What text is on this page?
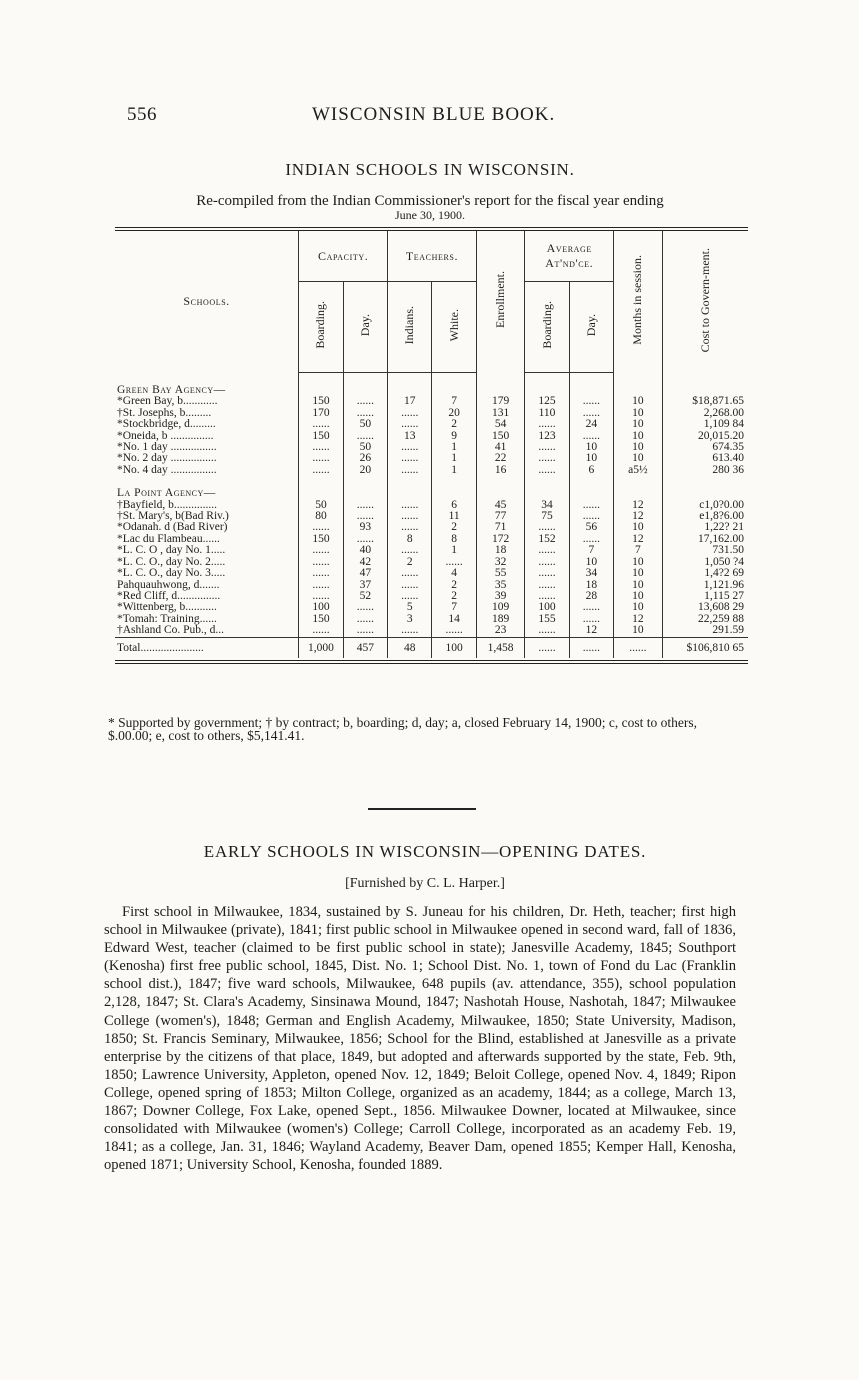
556	WISCONSIN BLUE BOOK.
INDIAN SCHOOLS IN WISCONSIN.
Re-compiled from the Indian Commissioner's report for the fiscal year ending
June 30, 1900.
Schools.	Capacity.		Teachers.		Enrollment.	Average At'nd'ce.		Months in session.	Cost to Govern-ment.
	Boarding.	Day.	Indians.	White.		Boarding.	Day.		

Green Bay Agency—									
*Green Bay, b............	150	......	17	7	179	125	......	10	$18,871.65
†St. Josephs, b.........	170	......	......	20	131	110	......	10	2,268.00
*Stockbridge, d.........	......	50	......	2	54	......	24	10	1,109 84
*Oneida, b ...............	150	......	13	9	150	123	......	10	20,015.20
*No. 1 day ................	......	50	......	1	41	......	10	10	674.35
*No. 2 day ................	......	26	......	1	22	......	10	10	613.40
*No. 4 day ................	......	20	......	1	16	......	6	a5½	280 36

La Point Agency—									
†Bayfield, b...............	50	......	......	6	45	34	......	12	c1,0?0.00
†St. Mary's, b(Bad Riv.)	80	......	......	11	77	75	......	12	e1,8?6.00
*Odanah. d (Bad River)	......	93	......	2	71	......	56	10	1,22? 21
*Lac du Flambeau......	150	......	8	8	172	152	......	12	17,162.00
*L. C. O , day No. 1.....	......	40	......	1	18	......	7	7	731.50
*L. C. O., day No. 2.....	......	42	2	......	32	......	10	10	1,050 ?4
*L. C. O., day No. 3.....	......	47	......	4	55	......	34	10	1,4?2 69
Pahquauhwong, d.......	......	37	......	2	35	......	18	10	1,121.96
*Red Cliff, d...............	......	52	......	2	39	......	28	10	1,115 27
*Wittenberg, b...........	100	......	5	7	109	100	......	10	13,608 29
*Tomah: Training......	150	......	3	14	189	155	......	12	22,259 88
†Ashland Co. Pub., d...	......	......	......	......	23	......	12	10	291.59
Total......................	1,000	457	48	100	1,458	......	......	......	$106,810 65
* Supported by government; † by contract; b, boarding; d, day; a, closed February 14, 1900; c, cost to others, $.00.00; e, cost to others, $5,141.41.
EARLY SCHOOLS IN WISCONSIN—OPENING DATES.
[Furnished by C. L. Harper.]
First school in Milwaukee, 1834, sustained by S. Juneau for his children, Dr. Heth, teacher; first high school in Milwaukee (private), 1841; first public school in Milwaukee opened in second ward, fall of 1836, Edward West, teacher (claimed to be first public school in state); Janesville Academy, 1845; Southport (Kenosha) first free public school, 1845, Dist. No. 1; School Dist. No. 1, town of Fond du Lac (Franklin school dist.), 1847; five ward schools, Milwaukee, 648 pupils (av. attendance, 355), school population 2,128, 1847; St. Clara's Academy, Sinsinawa Mound, 1847; Nashotah House, Nashotah, 1847; Milwaukee College (women's), 1848; German and English Academy, Milwaukee, 1850; State University, Madison, 1850; St. Francis Seminary, Milwaukee, 1856; School for the Blind, established at Janesville as a private enterprise by the citizens of that place, 1849, but adopted and afterwards supported by the state, Feb. 9th, 1850; Lawrence University, Appleton, opened Nov. 12, 1849; Beloit College, opened Nov. 4, 1849; Ripon College, opened spring of 1853; Milton College, organized as an academy, 1844; as a college, March 13, 1867; Downer College, Fox Lake, opened Sept., 1856. Milwaukee Downer, located at Milwaukee, since consolidated with Milwaukee (women's) College; Carroll College, incorporated as an academy Feb. 19, 1841; as a college, Jan. 31, 1846; Wayland Academy, Beaver Dam, opened 1855; Kemper Hall, Kenosha, opened 1871; University School, Kenosha, founded 1889.
